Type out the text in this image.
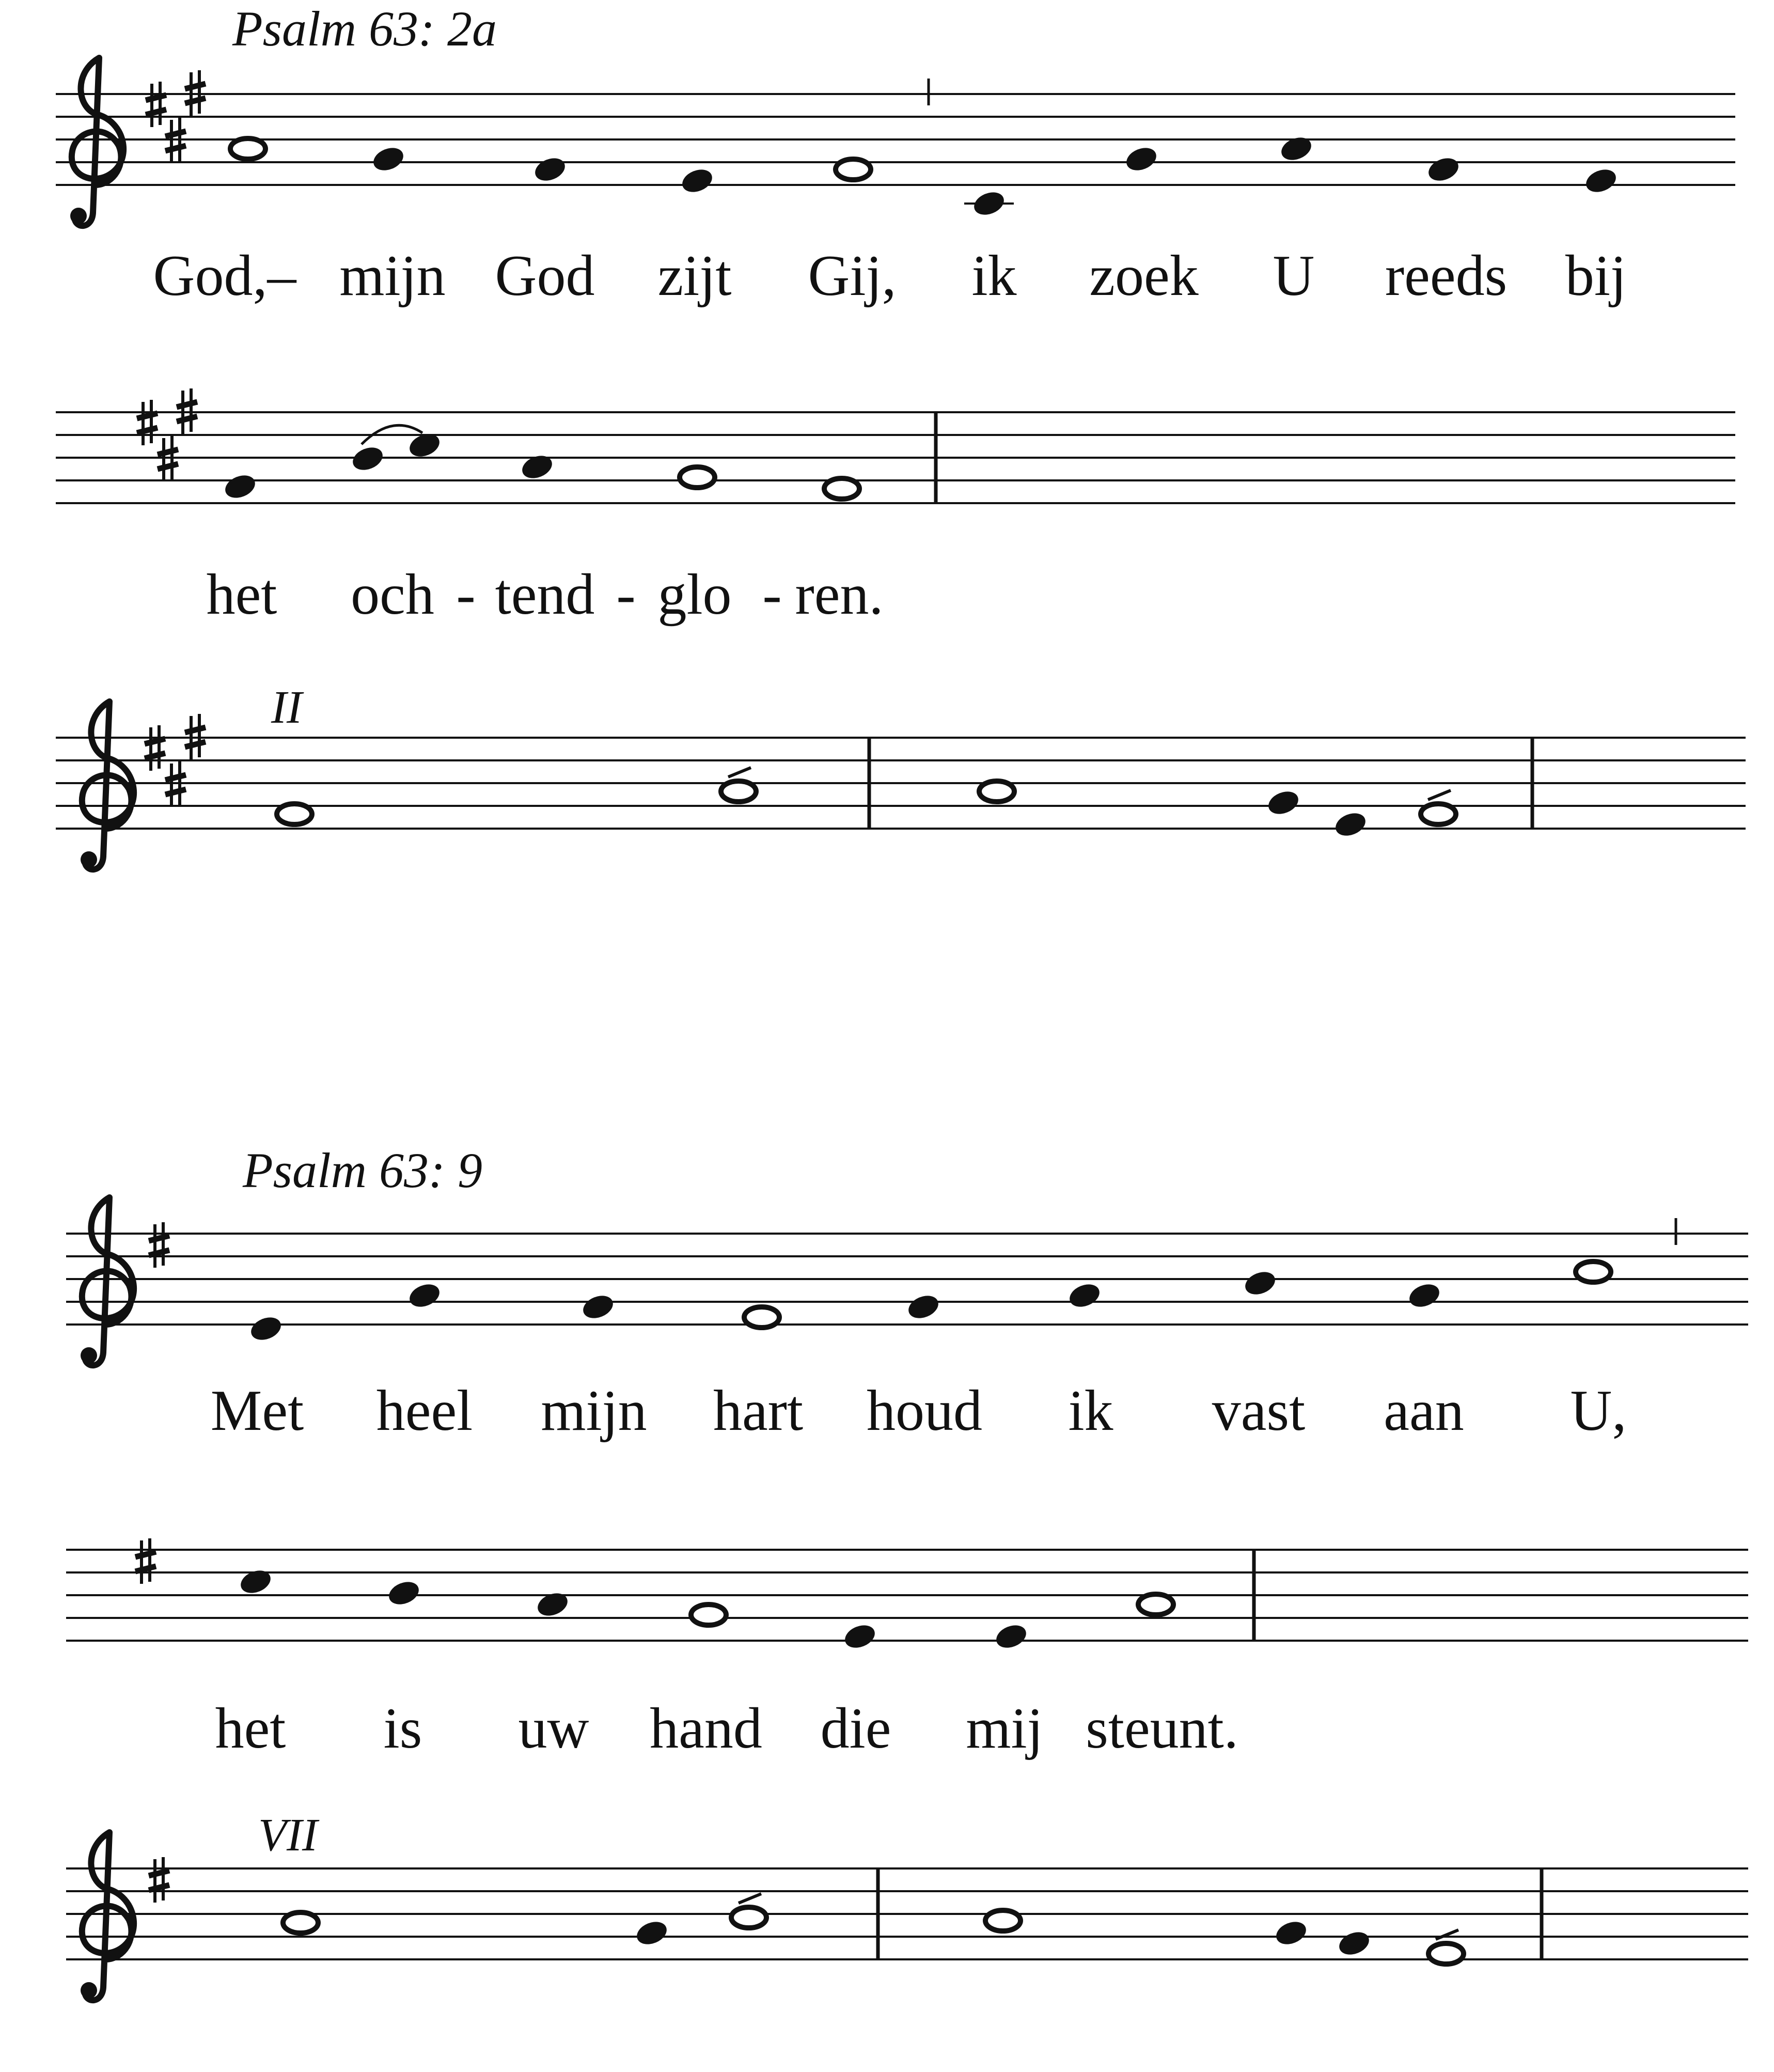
Psalm 63: 2a
II
God,– mijn God zijt Gij, ik zoek U reeds bij
het och - tend - glo - ren.
Psalm 63: 9
VII
Met heel mijn hart houd ik vast aan U,
het is uw hand die mij steunt.
